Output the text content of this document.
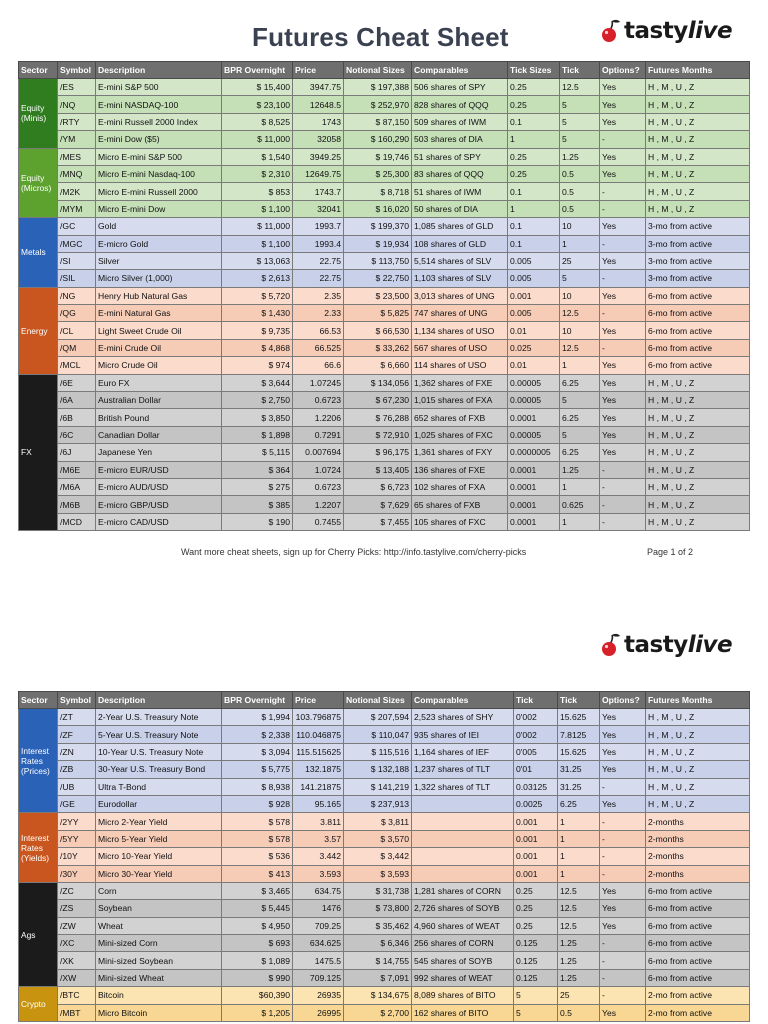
Futures Cheat Sheet	tastylive
Sector	Symbol	Description	BPR Overnight	Price	Notional Sizes	Comparables	Tick Sizes	Tick	Options?	Futures Months
Equity (Minis)	/ES	E-mini S&P 500	$ 15,400	3947.75	$ 197,388	506 shares of SPY	0.25	12.5	Yes	H , M , U , Z
	/NQ	E-mini NASDAQ-100	$ 23,100	12648.5	$ 252,970	828 shares of QQQ	0.25	5	Yes	H , M , U , Z
	/RTY	E-mini Russell 2000 Index	$ 8,525	1743	$ 87,150	509 shares of IWM	0.1	5	Yes	H , M , U , Z
	/YM	E-mini Dow ($5)	$ 11,000	32058	$ 160,290	503 shares of DIA	1	5	-	H , M , U , Z
Equity (Micros)	/MES	Micro E-mini S&P 500	$ 1,540	3949.25	$ 19,746	51 shares of SPY	0.25	1.25	Yes	H , M , U , Z
	/MNQ	Micro E-mini Nasdaq-100	$ 2,310	12649.75	$ 25,300	83 shares of QQQ	0.25	0.5	Yes	H , M , U , Z
	/M2K	Micro E-mini Russell 2000	$ 853	1743.7	$ 8,718	51 shares of IWM	0.1	0.5	-	H , M , U , Z
	/MYM	Micro E-mini Dow	$ 1,100	32041	$ 16,020	50 shares of DIA	1	0.5	-	H , M , U , Z
Metals	/GC	Gold	$ 11,000	1993.7	$ 199,370	1,085 shares of GLD	0.1	10	Yes	3-mo from active
	/MGC	E-micro Gold	$ 1,100	1993.4	$ 19,934	108 shares of GLD	0.1	1	-	3-mo from active
	/SI	Silver	$ 13,063	22.75	$ 113,750	5,514 shares of SLV	0.005	25	Yes	3-mo from active
	/SIL	Micro Silver (1,000)	$ 2,613	22.75	$ 22,750	1,103 shares of SLV	0.005	5	-	3-mo from active
Energy	/NG	Henry Hub Natural Gas	$ 5,720	2.35	$ 23,500	3,013 shares of UNG	0.001	10	Yes	6-mo from active
	/QG	E-mini Natural Gas	$ 1,430	2.33	$ 5,825	747 shares of UNG	0.005	12.5	-	6-mo from active
	/CL	Light Sweet Crude Oil	$ 9,735	66.53	$ 66,530	1,134 shares of USO	0.01	10	Yes	6-mo from active
	/QM	E-mini Crude Oil	$ 4,868	66.525	$ 33,262	567 shares of USO	0.025	12.5	-	6-mo from active
	/MCL	Micro Crude Oil	$ 974	66.6	$ 6,660	114 shares of USO	0.01	1	Yes	6-mo from active
FX	/6E	Euro FX	$ 3,644	1.07245	$ 134,056	1,362 shares of FXE	0.00005	6.25	Yes	H , M , U , Z
	/6A	Australian Dollar	$ 2,750	0.6723	$ 67,230	1,015 shares of FXA	0.00005	5	Yes	H , M , U , Z
	/6B	British Pound	$ 3,850	1.2206	$ 76,288	652 shares of FXB	0.0001	6.25	Yes	H , M , U , Z
	/6C	Canadian Dollar	$ 1,898	0.7291	$ 72,910	1,025 shares of FXC	0.00005	5	Yes	H , M , U , Z
	/6J	Japanese Yen	$ 5,115	0.007694	$ 96,175	1,361 shares of FXY	0.0000005	6.25	Yes	H , M , U , Z
	/M6E	E-micro EUR/USD	$ 364	1.0724	$ 13,405	136 shares of FXE	0.0001	1.25	-	H , M , U , Z
	/M6A	E-micro AUD/USD	$ 275	0.6723	$ 6,723	102 shares of FXA	0.0001	1	-	H , M , U , Z
	/M6B	E-micro GBP/USD	$ 385	1.2207	$ 7,629	65 shares of FXB	0.0001	0.625	-	H , M , U , Z
	/MCD	E-micro CAD/USD	$ 190	0.7455	$ 7,455	105 shares of FXC	0.0001	1	-	H , M , U , Z
Want more cheat sheets, sign up for Cherry Picks: http://info.tastylive.com/cherry-picks	Page 1 of 2
tastylive
Sector	Symbol	Description	BPR Overnight	Price	Notional Sizes	Comparables	Tick	Tick	Options?	Futures Months
Interest Rates (Prices)	/ZT	2-Year U.S. Treasury Note	$ 1,994	103.796875	$ 207,594	2,523 shares of SHY	0'002	15.625	Yes	H , M , U , Z
	/ZF	5-Year U.S. Treasury Note	$ 2,338	110.046875	$ 110,047	935 shares of IEI	0'002	7.8125	Yes	H , M , U , Z
	/ZN	10-Year U.S. Treasury Note	$ 3,094	115.515625	$ 115,516	1,164 shares of IEF	0'005	15.625	Yes	H , M , U , Z
	/ZB	30-Year U.S. Treasury Bond	$ 5,775	132.1875	$ 132,188	1,237 shares of TLT	0'01	31.25	Yes	H , M , U , Z
	/UB	Ultra T-Bond	$ 8,938	141.21875	$ 141,219	1,322 shares of TLT	0.03125	31.25	-	H , M , U , Z
	/GE	Eurodollar	$ 928	95.165	$ 237,913		0.0025	6.25	Yes	H , M , U , Z
Interest Rates (Yields)	/2YY	Micro 2-Year Yield	$ 578	3.811	$ 3,811		0.001	1	-	2-months
	/5YY	Micro 5-Year Yield	$ 578	3.57	$ 3,570		0.001	1	-	2-months
	/10Y	Micro 10-Year Yield	$ 536	3.442	$ 3,442		0.001	1	-	2-months
	/30Y	Micro 30-Year Yield	$ 413	3.593	$ 3,593		0.001	1	-	2-months
Ags	/ZC	Corn	$ 3,465	634.75	$ 31,738	1,281 shares of CORN	0.25	12.5	Yes	6-mo from active
	/ZS	Soybean	$ 5,445	1476	$ 73,800	2,726 shares of SOYB	0.25	12.5	Yes	6-mo from active
	/ZW	Wheat	$ 4,950	709.25	$ 35,462	4,960 shares of WEAT	0.25	12.5	Yes	6-mo from active
	/XC	Mini-sized Corn	$ 693	634.625	$ 6,346	256 shares of CORN	0.125	1.25	-	6-mo from active
	/XK	Mini-sized Soybean	$ 1,089	1475.5	$ 14,755	545 shares of SOYB	0.125	1.25	-	6-mo from active
	/XW	Mini-sized Wheat	$ 990	709.125	$ 7,091	992 shares of WEAT	0.125	1.25	-	6-mo from active
Crypto	/BTC	Bitcoin	$60,390	26935	$ 134,675	8,089 shares of BITO	5	25	-	2-mo from active
	/MBT	Micro Bitcoin	$ 1,205	26995	$ 2,700	162 shares of BITO	5	0.5	Yes	2-mo from active
